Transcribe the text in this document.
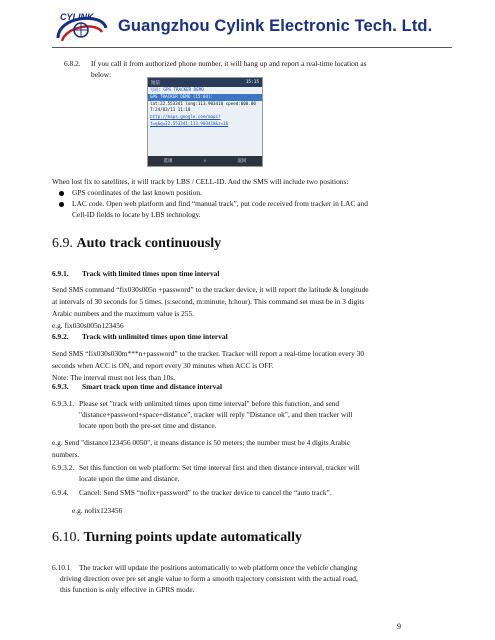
CYLINK Guangzhou Cylink Electronic Tech. Ltd.
6.8.2. If you call it from authorized phone number, it will hang up and report a real-time location as
below:
短信	15:15
号码: GPS TRACKER DEMO
GPS TRACKER DEMO (15:04):
lat:22.553341 long:113.903418 speed:000.00
T:24/03/11 11:10
http://maps.google.com/maps?
f=q&q=22.553341,113.903418&z=16
选项	↑	返回
When lost fix to satellites, it will track by LBS / CELL-ID. And the SMS will include two positions:
GPS coordinates of the last known position.
LAC code. Open web platform and find “manual track”, put code received from tracker in LAC and
Cell-ID fields to locate by LBS technology.
6.9. Auto track continuously
6.9.1. Track with limited times upon time interval
Send SMS command “fix030s005n +password” to the tracker device, it will report the latitude & longitude
at intervals of 30 seconds for 5 times. (s:second, m:minute, h:hour). This command set must be in 3 digits
Arabic numbers and the maximum value is 255.
e.g. fix030s005n123456
6.9.2. Track with unlimited times upon time interval
Send SMS “fix030s030m***n+password” to the tracker. Tracker will report a real-time location every 30
seconds when ACC is ON, and report every 30 minutes when ACC is OFF.
Note: The interval must not less than 10s.
6.9.3. Smart track upon time and distance interval
6.9.3.1. Please set "track with unlimited times upon time interval" before this function, and send
"distance+password+space+distance", tracker will reply "Distance ok", and then tracker will
locate upon both the pre-set time and distance.
e.g. Send "distance123456 0050", it means distance is 50 meters; the number must be 4 digits Arabic
numbers.
6.9.3.2. Set this function on web platform: Set time interval first and then distance interval, tracker will
locate upon the time and distance.
6.9.4. Cancel: Send SMS “nofix+password” to the tracker device to cancel the “auto track”.
e.g. nofix123456
6.10. Turning points update automatically
6.10.1 The tracker will update the positions automatically to web platform once the vehicle changing
driving direction over pre set angle value to form a smooth trajectory consistent with the actual road,
this function is only effective in GPRS mode.
9
